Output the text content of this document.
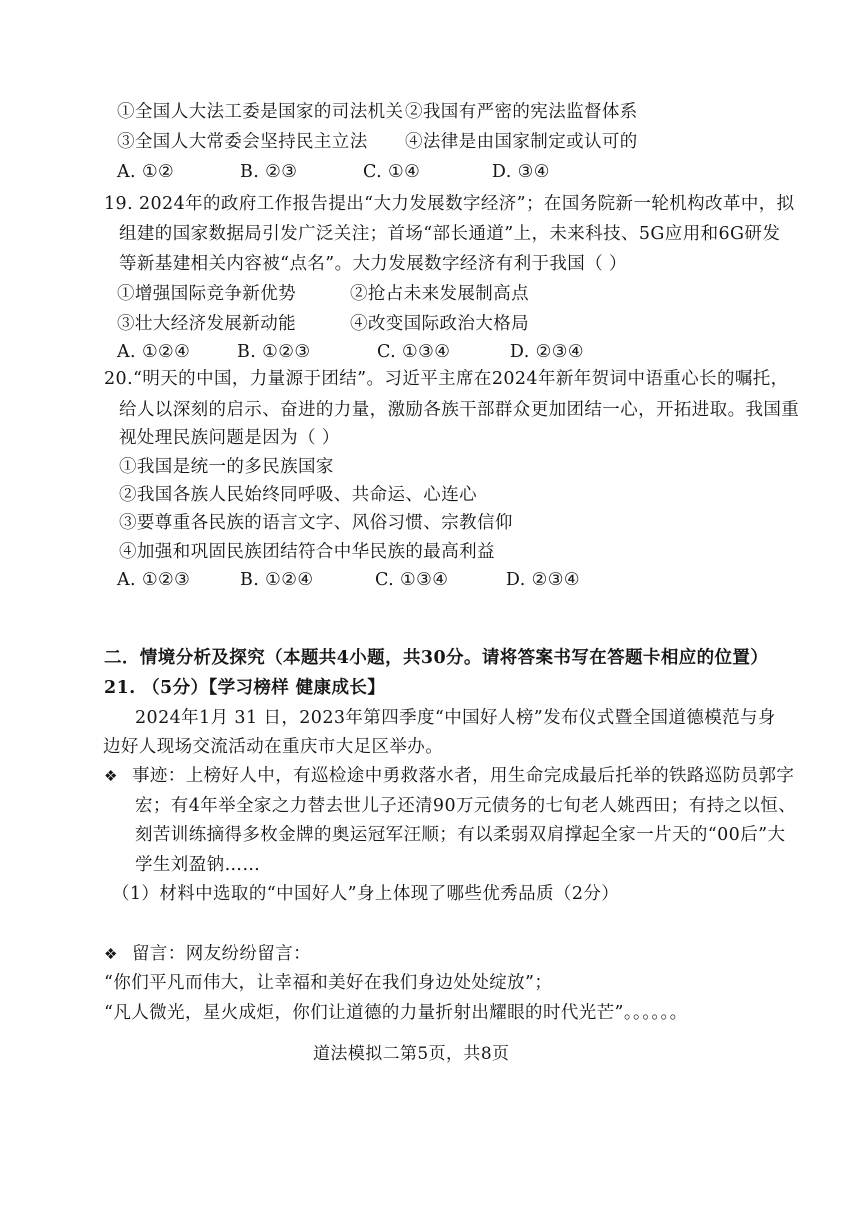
①全国人大法工委是国家的司法机关 ②我国有严密的宪法监督体系
③全国人大常委会坚持民主立法 ④法律是由国家制定或认可的
A. ①②	B. ②③	C. ①④	D. ③④
19. 2024年的政府工作报告提出“大力发展数字经济”；在国务院新一轮机构改革中，拟
组建的国家数据局引发广泛关注；首场“部长通道”上，未来科技、5G应用和6G研发
等新基建相关内容被“点名”。大力发展数字经济有利于我国（ ）
①增强国际竞争新优势	②抢占未来发展制高点
③壮大经济发展新动能	④改变国际政治大格局
A. ①②④	B. ①②③	C. ①③④	D. ②③④
20.“明天的中国，力量源于团结”。习近平主席在2024年新年贺词中语重心长的嘱托，
给人以深刻的启示、奋进的力量，激励各族干部群众更加团结一心，开拓进取。我国重
视处理民族问题是因为（ ）
①我国是统一的多民族国家
②我国各族人民始终同呼吸、共命运、心连心
③要尊重各民族的语言文字、风俗习惯、宗教信仰
④加强和巩固民族团结符合中华民族的最高利益
A. ①②③	B. ①②④	C. ①③④	D. ②③④
二．情境分析及探究（本题共4小题，共30分。请将答案书写在答题卡相应的位置）
21. （5分）【学习榜样 健康成长】
2024年1月 31 日，2023年第四季度“中国好人榜”发布仪式暨全国道德模范与身
边好人现场交流活动在重庆市大足区举办。
❖ 事迹：上榜好人中，有巡检途中勇救落水者，用生命完成最后托举的铁路巡防员郭字
宏；有4年举全家之力替去世儿子还清90万元债务的七旬老人姚西田；有持之以恒、
刻苦训练摘得多枚金牌的奥运冠军汪顺；有以柔弱双肩撑起全家一片天的“00后”大
学生刘盈钠……
（1）材料中选取的“中国好人”身上体现了哪些优秀品质（2分）
❖ 留言：网友纷纷留言：
“你们平凡而伟大，让幸福和美好在我们身边处处绽放”；
“凡人微光，星火成炬，你们让道德的力量折射出耀眼的时代光芒”。。。。。。
道法模拟二第5页，共8页
